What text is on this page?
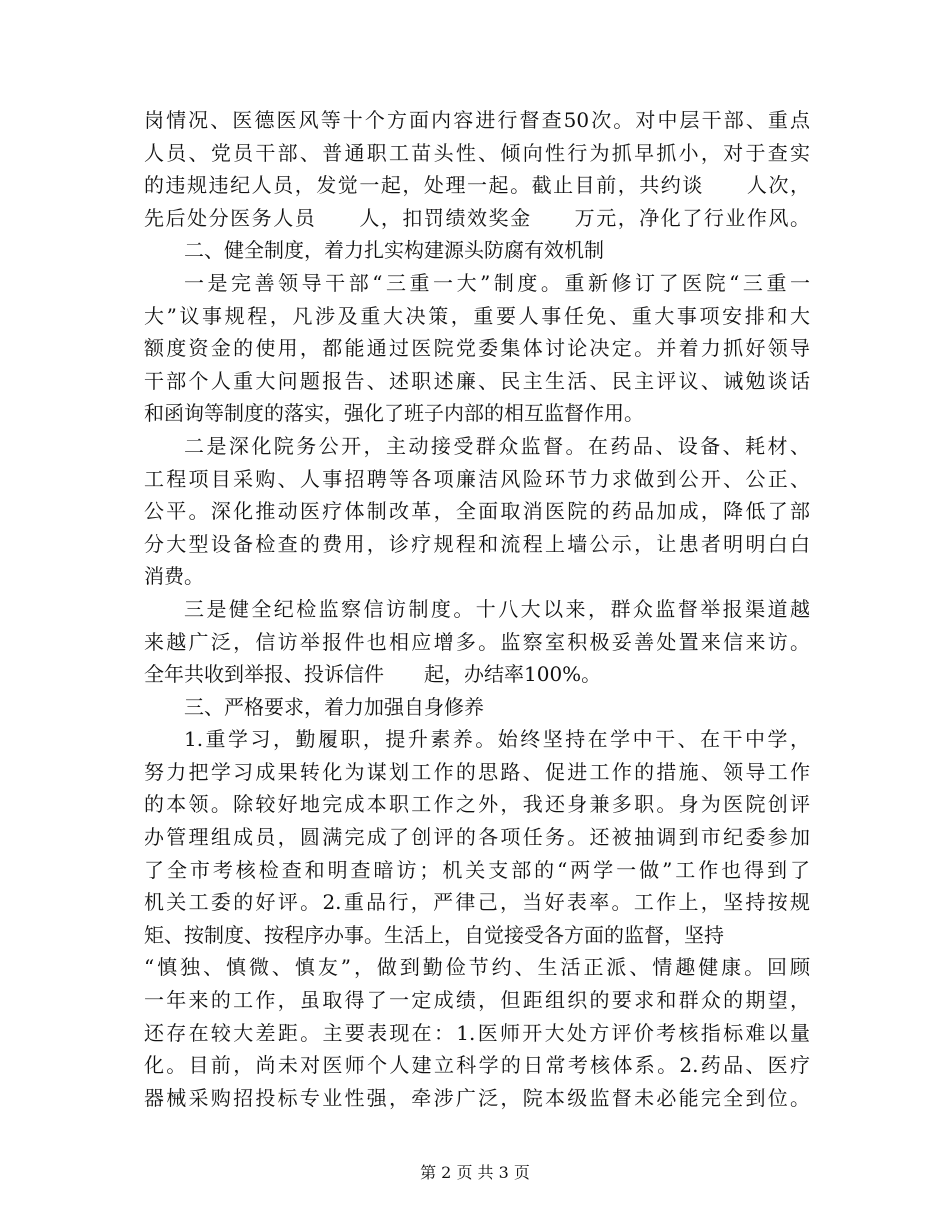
岗情况、医德医风等十个方面内容进行督查50次。对中层干部、重点
人员、党员干部、普通职工苗头性、倾向性行为抓早抓小，对于查实
的违规违纪人员，发觉一起，处理一起。截止目前，共约谈　　人次，
先后处分医务人员　　人，扣罚绩效奖金　　万元，净化了行业作风。
二、健全制度，着力扎实构建源头防腐有效机制
一是完善领导干部“三重一大”制度。重新修订了医院“三重一
大”议事规程，凡涉及重大决策，重要人事任免、重大事项安排和大
额度资金的使用，都能通过医院党委集体讨论决定。并着力抓好领导
干部个人重大问题报告、述职述廉、民主生活、民主评议、诫勉谈话
和函询等制度的落实，强化了班子内部的相互监督作用。
二是深化院务公开，主动接受群众监督。在药品、设备、耗材、
工程项目采购、人事招聘等各项廉洁风险环节力求做到公开、公正、
公平。深化推动医疗体制改革，全面取消医院的药品加成，降低了部
分大型设备检查的费用，诊疗规程和流程上墙公示，让患者明明白白
消费。
三是健全纪检监察信访制度。十八大以来，群众监督举报渠道越
来越广泛，信访举报件也相应增多。监察室积极妥善处置来信来访。
全年共收到举报、投诉信件　　起，办结率100%。
三、严格要求，着力加强自身修养
1.重学习，勤履职，提升素养。始终坚持在学中干、在干中学，
努力把学习成果转化为谋划工作的思路、促进工作的措施、领导工作
的本领。除较好地完成本职工作之外，我还身兼多职。身为医院创评
办管理组成员，圆满完成了创评的各项任务。还被抽调到市纪委参加
了全市考核检查和明查暗访；机关支部的“两学一做”工作也得到了
机关工委的好评。2.重品行，严律己，当好表率。工作上，坚持按规
矩、按制度、按程序办事。生活上，自觉接受各方面的监督，坚持
“慎独、慎微、慎友”，做到勤俭节约、生活正派、情趣健康。回顾
一年来的工作，虽取得了一定成绩，但距组织的要求和群众的期望，
还存在较大差距。主要表现在：1.医师开大处方评价考核指标难以量
化。目前，尚未对医师个人建立科学的日常考核体系。2.药品、医疗
器械采购招投标专业性强，牵涉广泛，院本级监督未必能完全到位。
第 2 页 共 3 页
